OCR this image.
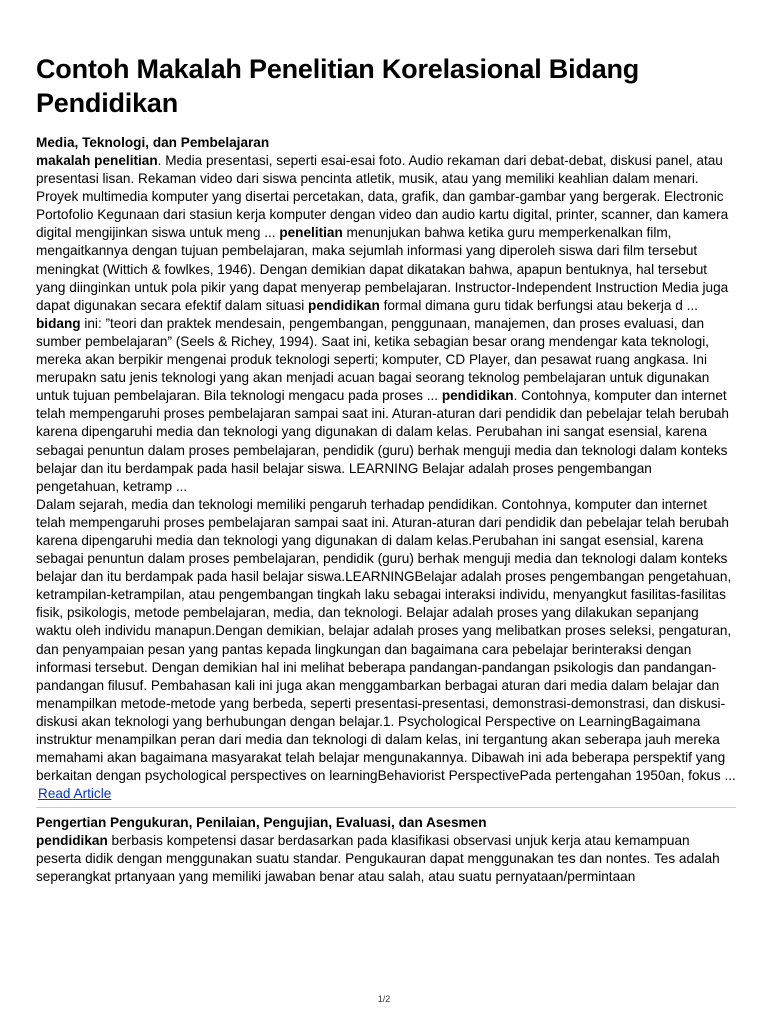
Contoh Makalah Penelitian Korelasional Bidang Pendidikan
Media, Teknologi, dan Pembelajaran

makalah penelitian. Media presentasi, seperti esai-esai foto. Audio rekaman dari debat-debat, diskusi panel, atau presentasi lisan. Rekaman video dari siswa pencinta atletik, musik, atau yang memiliki keahlian dalam menari. Proyek multimedia komputer yang disertai percetakan, data, grafik, dan gambar-gambar yang bergerak. Electronic Portofolio Kegunaan dari stasiun kerja komputer dengan video dan audio kartu digital, printer, scanner, dan kamera digital mengijinkan siswa untuk meng ... penelitian menunjukan bahwa ketika guru memperkenalkan film, mengaitkannya dengan tujuan pembelajaran, maka sejumlah informasi yang diperoleh siswa dari film tersebut meningkat (Wittich & fowlkes, 1946). Dengan demikian dapat dikatakan bahwa, apapun bentuknya, hal tersebut yang diinginkan untuk pola pikir yang dapat menyerap pembelajaran. Instructor-Independent Instruction Media juga dapat digunakan secara efektif dalam situasi pendidikan formal dimana guru tidak berfungsi atau bekerja d ... bidang ini: ”teori dan praktek mendesain, pengembangan, penggunaan, manajemen, dan proses evaluasi, dan sumber pembelajaran” (Seels & Richey, 1994). Saat ini, ketika sebagian besar orang mendengar kata teknologi, mereka akan berpikir mengenai produk teknologi seperti; komputer, CD Player, dan pesawat ruang angkasa. Ini merupakn satu jenis teknologi yang akan menjadi acuan bagai seorang teknolog pembelajaran untuk digunakan untuk tujuan pembelajaran. Bila teknologi mengacu pada proses ... pendidikan. Contohnya, komputer dan internet telah mempengaruhi proses pembelajaran sampai saat ini. Aturan-aturan dari pendidik dan pebelajar telah berubah karena dipengaruhi media dan teknologi yang digunakan di dalam kelas. Perubahan ini sangat esensial, karena sebagai penuntun dalam proses pembelajaran, pendidik (guru) berhak menguji media dan teknologi dalam konteks belajar dan itu berdampak pada hasil belajar siswa. LEARNING Belajar adalah proses pengembangan pengetahuan, ketramp ...

Dalam sejarah, media dan teknologi memiliki pengaruh terhadap pendidikan. Contohnya, komputer dan internet telah mempengaruhi proses pembelajaran sampai saat ini. Aturan-aturan dari pendidik dan pebelajar telah berubah karena dipengaruhi media dan teknologi yang digunakan di dalam kelas.Perubahan ini sangat esensial, karena sebagai penuntun dalam proses pembelajaran, pendidik (guru) berhak menguji media dan teknologi dalam konteks belajar dan itu berdampak pada hasil belajar siswa.LEARNINGBelajar adalah proses pengembangan pengetahuan, ketrampilan-ketrampilan, atau pengembangan tingkah laku sebagai interaksi individu, menyangkut fasilitas-fasilitas fisik, psikologis, metode pembelajaran, media, dan teknologi. Belajar adalah proses yang dilakukan sepanjang waktu oleh individu manapun.Dengan demikian, belajar adalah proses yang melibatkan proses seleksi, pengaturan, dan penyampaian pesan yang pantas kepada lingkungan dan bagaimana cara pebelajar berinteraksi dengan informasi tersebut. Dengan demikian hal ini melihat beberapa pandangan-pandangan psikologis dan pandangan-pandangan filusuf. Pembahasan kali ini juga akan menggambarkan berbagai aturan dari media dalam belajar dan menampilkan metode-metode yang berbeda, seperti presentasi-presentasi, demonstrasi-demonstrasi, dan diskusi-diskusi akan teknologi yang berhubungan dengan belajar.1. Psychological Perspective on LearningBagaimana instruktur menampilkan peran dari media dan teknologi di dalam kelas, ini tergantung akan seberapa jauh mereka memahami akan bagaimana masyarakat telah belajar mengunakannya. Dibawah ini ada beberapa perspektif yang berkaitan dengan psychological perspectives on learningBehaviorist PerspectivePada pertengahan 1950an, fokus ...

Read Article
Pengertian Pengukuran, Penilaian, Pengujian, Evaluasi, dan Asesmen

pendidikan berbasis kompetensi dasar berdasarkan pada klasifikasi observasi unjuk kerja atau kemampuan peserta didik dengan menggunakan suatu standar. Pengukauran dapat menggunakan tes dan nontes. Tes adalah seperangkat prtanyaan yang memiliki jawaban benar atau salah, atau suatu pernyataan/permintaan

1/2
